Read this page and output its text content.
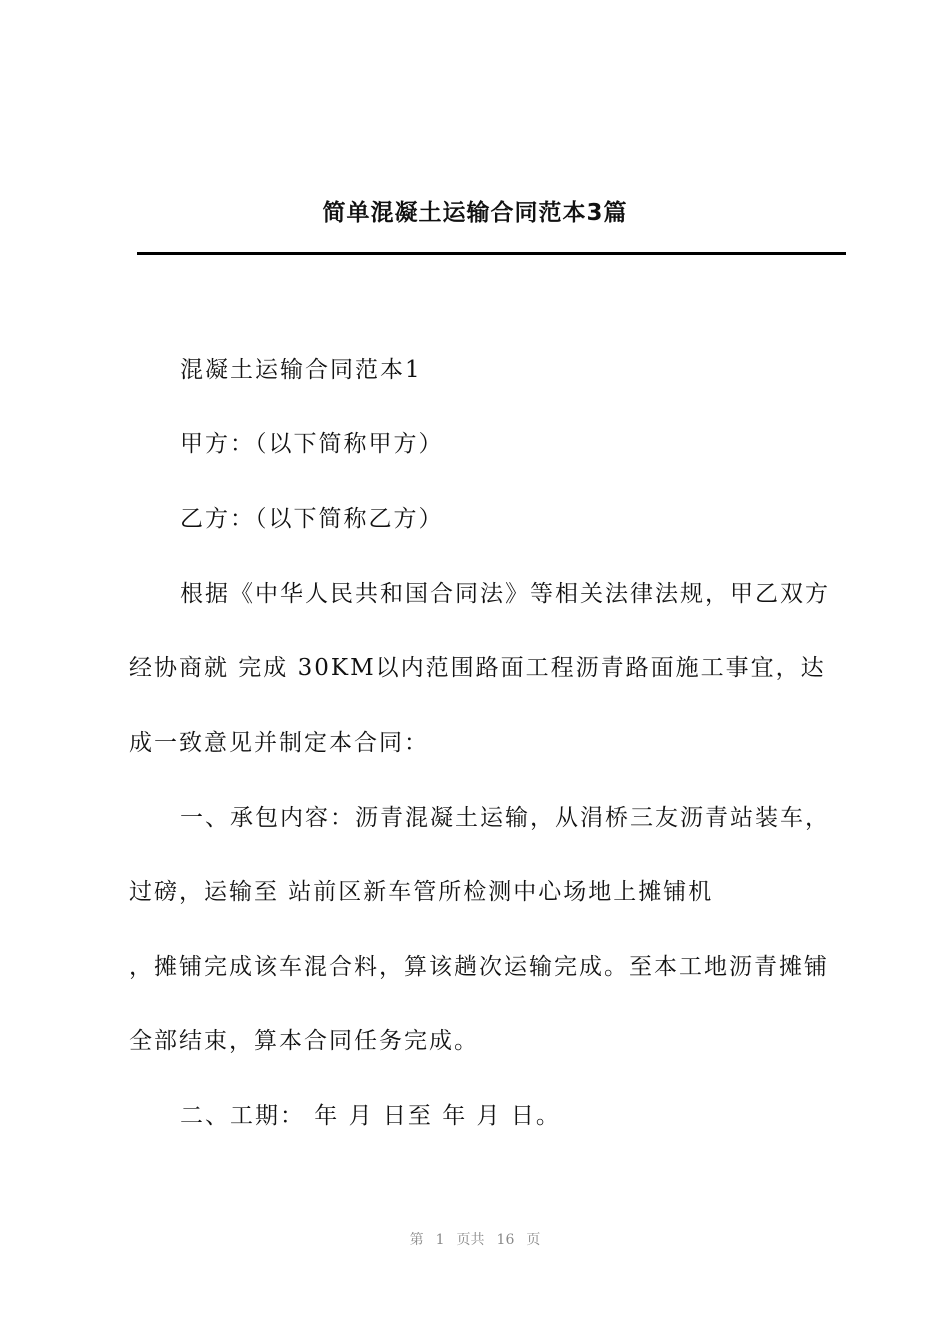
简单混凝土运输合同范本3篇
混凝土运输合同范本1
甲方：（以下简称甲方）
乙方：（以下简称乙方）
根据《中华人民共和国合同法》等相关法律法规，甲乙双方
经协商就 完成 30KM以内范围路面工程沥青路面施工事宜，达
成一致意见并制定本合同：
一、承包内容：沥青混凝土运输，从涓桥三友沥青站装车，
过磅，运输至 站前区新车管所检测中心场地上摊铺机
，摊铺完成该车混合料，算该趟次运输完成。至本工地沥青摊铺
全部结束，算本合同任务完成。
二、工期： 年 月 日至 年 月 日。
第 1 页共 16 页
